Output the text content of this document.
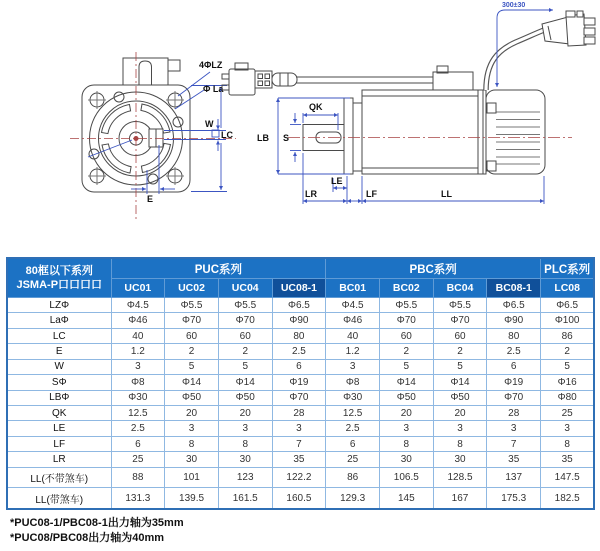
4ΦLZ
Φ La
W
LC
E
LB S
QK
LE
LR	LF	LL
300±30
80框以下系列
JSMA-P口口口口	PUC系列				PBC系列				PLC系列
	UC01	UC02	UC04	UC08-1	BC01	BC02	BC04	BC08-1	LC08
LZΦ	Φ4.5	Φ5.5	Φ5.5	Φ6.5	Φ4.5	Φ5.5	Φ5.5	Φ6.5	Φ6.5
LaΦ	Φ46	Φ70	Φ70	Φ90	Φ46	Φ70	Φ70	Φ90	Φ100
LC	40	60	60	80	40	60	60	80	86
E	1.2	2	2	2.5	1.2	2	2	2.5	2
W	3	5	5	6	3	5	5	6	5
SΦ	Φ8	Φ14	Φ14	Φ19	Φ8	Φ14	Φ14	Φ19	Φ16
LBΦ	Φ30	Φ50	Φ50	Φ70	Φ30	Φ50	Φ50	Φ70	Φ80
QK	12.5	20	20	28	12.5	20	20	28	25
LE	2.5	3	3	3	2.5	3	3	3	3
LF	6	8	8	7	6	8	8	7	8
LR	25	30	30	35	25	30	30	35	35
LL(不带煞车)	88	101	123	122.2	86	106.5	128.5	137	147.5
LL(带煞车)	131.3	139.5	161.5	160.5	129.3	145	167	175.3	182.5
*PUC08-1/PBC08-1出力轴为35mm
*PUC08/PBC08出力轴为40mm
